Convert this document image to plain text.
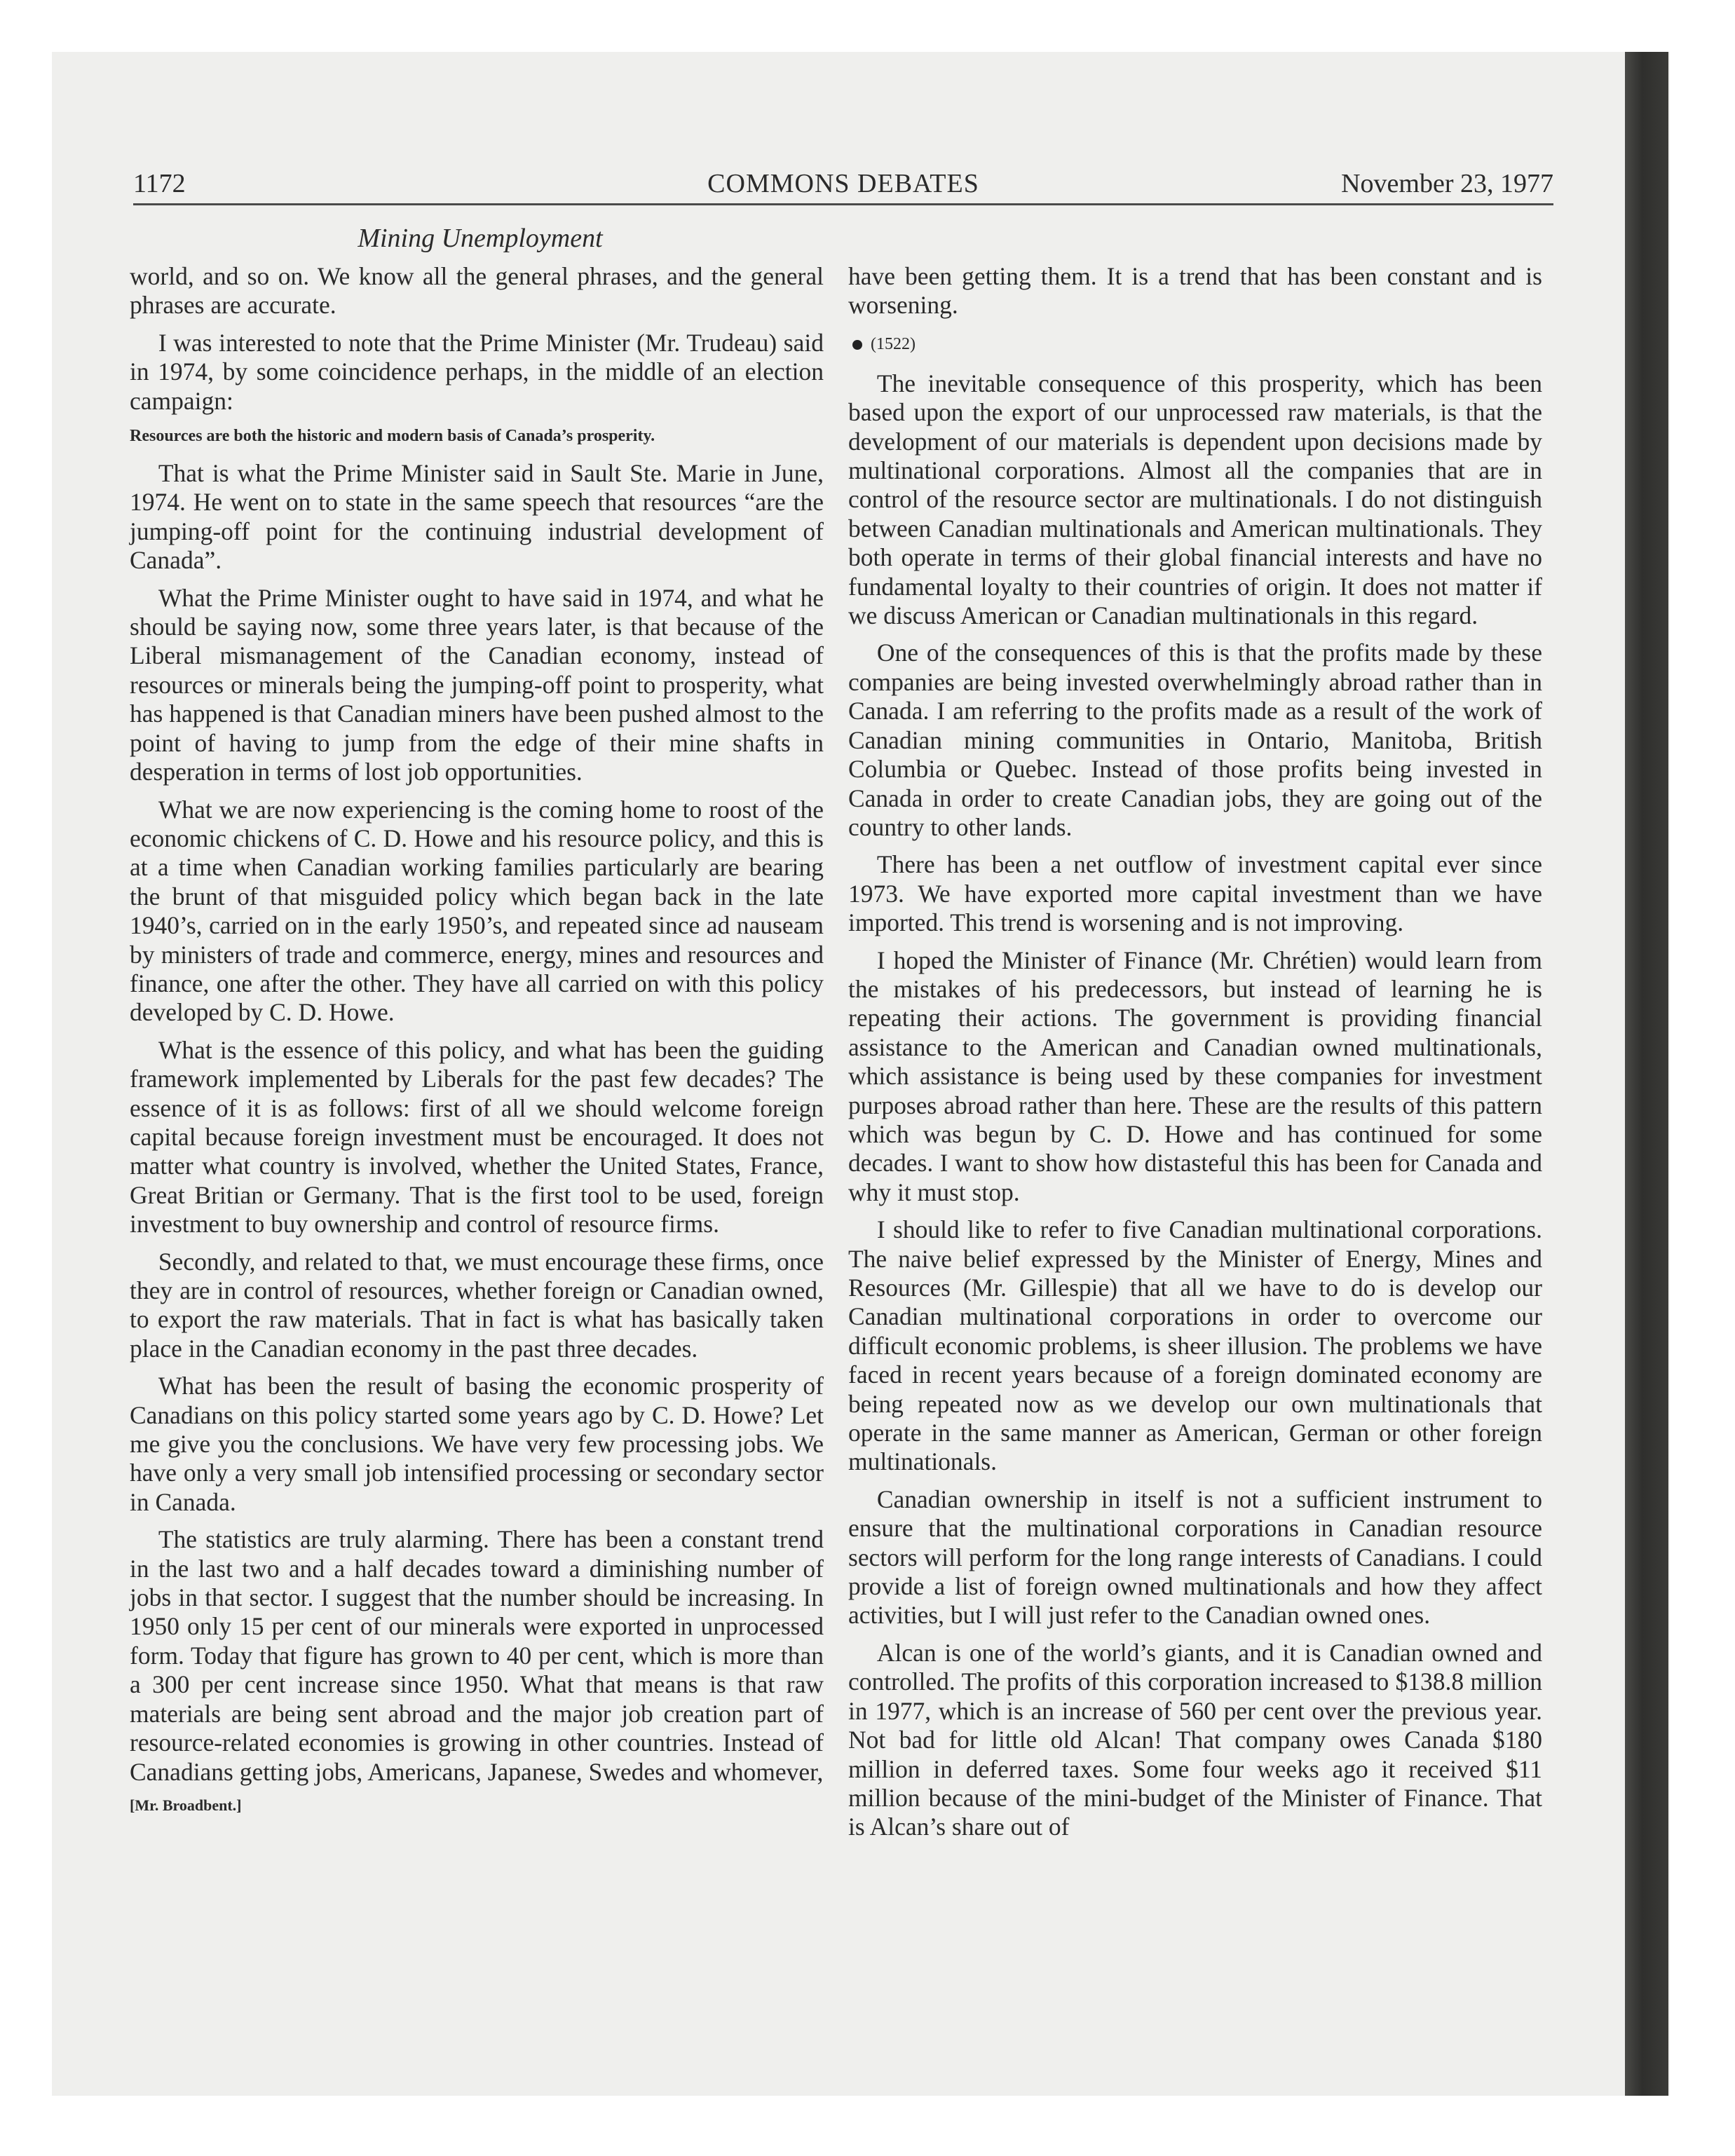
1172	COMMONS DEBATES	November 23, 1977
Mining Unemployment

world, and so on. We know all the general phrases, and the general phrases are accurate.

I was interested to note that the Prime Minister (Mr. Trudeau) said in 1974, by some coincidence perhaps, in the middle of an election campaign:

Resources are both the historic and modern basis of Canada’s prosperity.

That is what the Prime Minister said in Sault Ste. Marie in June, 1974. He went on to state in the same speech that resources “are the jumping-off point for the continuing industrial development of Canada”.

What the Prime Minister ought to have said in 1974, and what he should be saying now, some three years later, is that because of the Liberal mismanagement of the Canadian economy, instead of resources or minerals being the jumping-off point to prosperity, what has happened is that Canadian miners have been pushed almost to the point of having to jump from the edge of their mine shafts in desperation in terms of lost job opportunities.

What we are now experiencing is the coming home to roost of the economic chickens of C. D. Howe and his resource policy, and this is at a time when Canadian working families particularly are bearing the brunt of that misguided policy which began back in the late 1940’s, carried on in the early 1950’s, and repeated since ad nauseam by ministers of trade and commerce, energy, mines and resources and finance, one after the other. They have all carried on with this policy developed by C. D. Howe.

What is the essence of this policy, and what has been the guiding framework implemented by Liberals for the past few decades? The essence of it is as follows: first of all we should welcome foreign capital because foreign investment must be encouraged. It does not matter what country is involved, whether the United States, France, Great Britian or Germany. That is the first tool to be used, foreign investment to buy ownership and control of resource firms.

Secondly, and related to that, we must encourage these firms, once they are in control of resources, whether foreign or Canadian owned, to export the raw materials. That in fact is what has basically taken place in the Canadian economy in the past three decades.

What has been the result of basing the economic prosperity of Canadians on this policy started some years ago by C. D. Howe? Let me give you the conclusions. We have very few processing jobs. We have only a very small job intensified processing or secondary sector in Canada.

The statistics are truly alarming. There has been a constant trend in the last two and a half decades toward a diminishing number of jobs in that sector. I suggest that the number should be increasing. In 1950 only 15 per cent of our minerals were exported in unprocessed form. Today that figure has grown to 40 per cent, which is more than a 300 per cent increase since 1950. What that means is that raw materials are being sent abroad and the major job creation part of resource-related economies is growing in other countries. Instead of Canadians getting jobs, Americans, Japanese, Swedes and whomever,

[Mr. Broadbent.]

have been getting them. It is a trend that has been constant and is worsening.

(1522)

The inevitable consequence of this prosperity, which has been based upon the export of our unprocessed raw materials, is that the development of our materials is dependent upon decisions made by multinational corporations. Almost all the companies that are in control of the resource sector are multinationals. I do not distinguish between Canadian multinationals and American multinationals. They both operate in terms of their global financial interests and have no fundamental loyalty to their countries of origin. It does not matter if we discuss American or Canadian multinationals in this regard.

One of the consequences of this is that the profits made by these companies are being invested overwhelmingly abroad rather than in Canada. I am referring to the profits made as a result of the work of Canadian mining communities in Ontario, Manitoba, British Columbia or Quebec. Instead of those profits being invested in Canada in order to create Canadian jobs, they are going out of the country to other lands.

There has been a net outflow of investment capital ever since 1973. We have exported more capital investment than we have imported. This trend is worsening and is not improving.

I hoped the Minister of Finance (Mr. Chrétien) would learn from the mistakes of his predecessors, but instead of learning he is repeating their actions. The government is providing financial assistance to the American and Canadian owned multinationals, which assistance is being used by these companies for investment purposes abroad rather than here. These are the results of this pattern which was begun by C. D. Howe and has continued for some decades. I want to show how distasteful this has been for Canada and why it must stop.

I should like to refer to five Canadian multinational corporations. The naive belief expressed by the Minister of Energy, Mines and Resources (Mr. Gillespie) that all we have to do is develop our Canadian multinational corporations in order to overcome our difficult economic problems, is sheer illusion. The problems we have faced in recent years because of a foreign dominated economy are being repeated now as we develop our own multinationals that operate in the same manner as American, German or other foreign multinationals.

Canadian ownership in itself is not a sufficient instrument to ensure that the multinational corporations in Canadian resource sectors will perform for the long range interests of Canadians. I could provide a list of foreign owned multinationals and how they affect activities, but I will just refer to the Canadian owned ones.

Alcan is one of the world’s giants, and it is Canadian owned and controlled. The profits of this corporation increased to $138.8 million in 1977, which is an increase of 560 per cent over the previous year. Not bad for little old Alcan! That company owes Canada $180 million in deferred taxes. Some four weeks ago it received $11 million because of the mini-budget of the Minister of Finance. That is Alcan’s share out of
